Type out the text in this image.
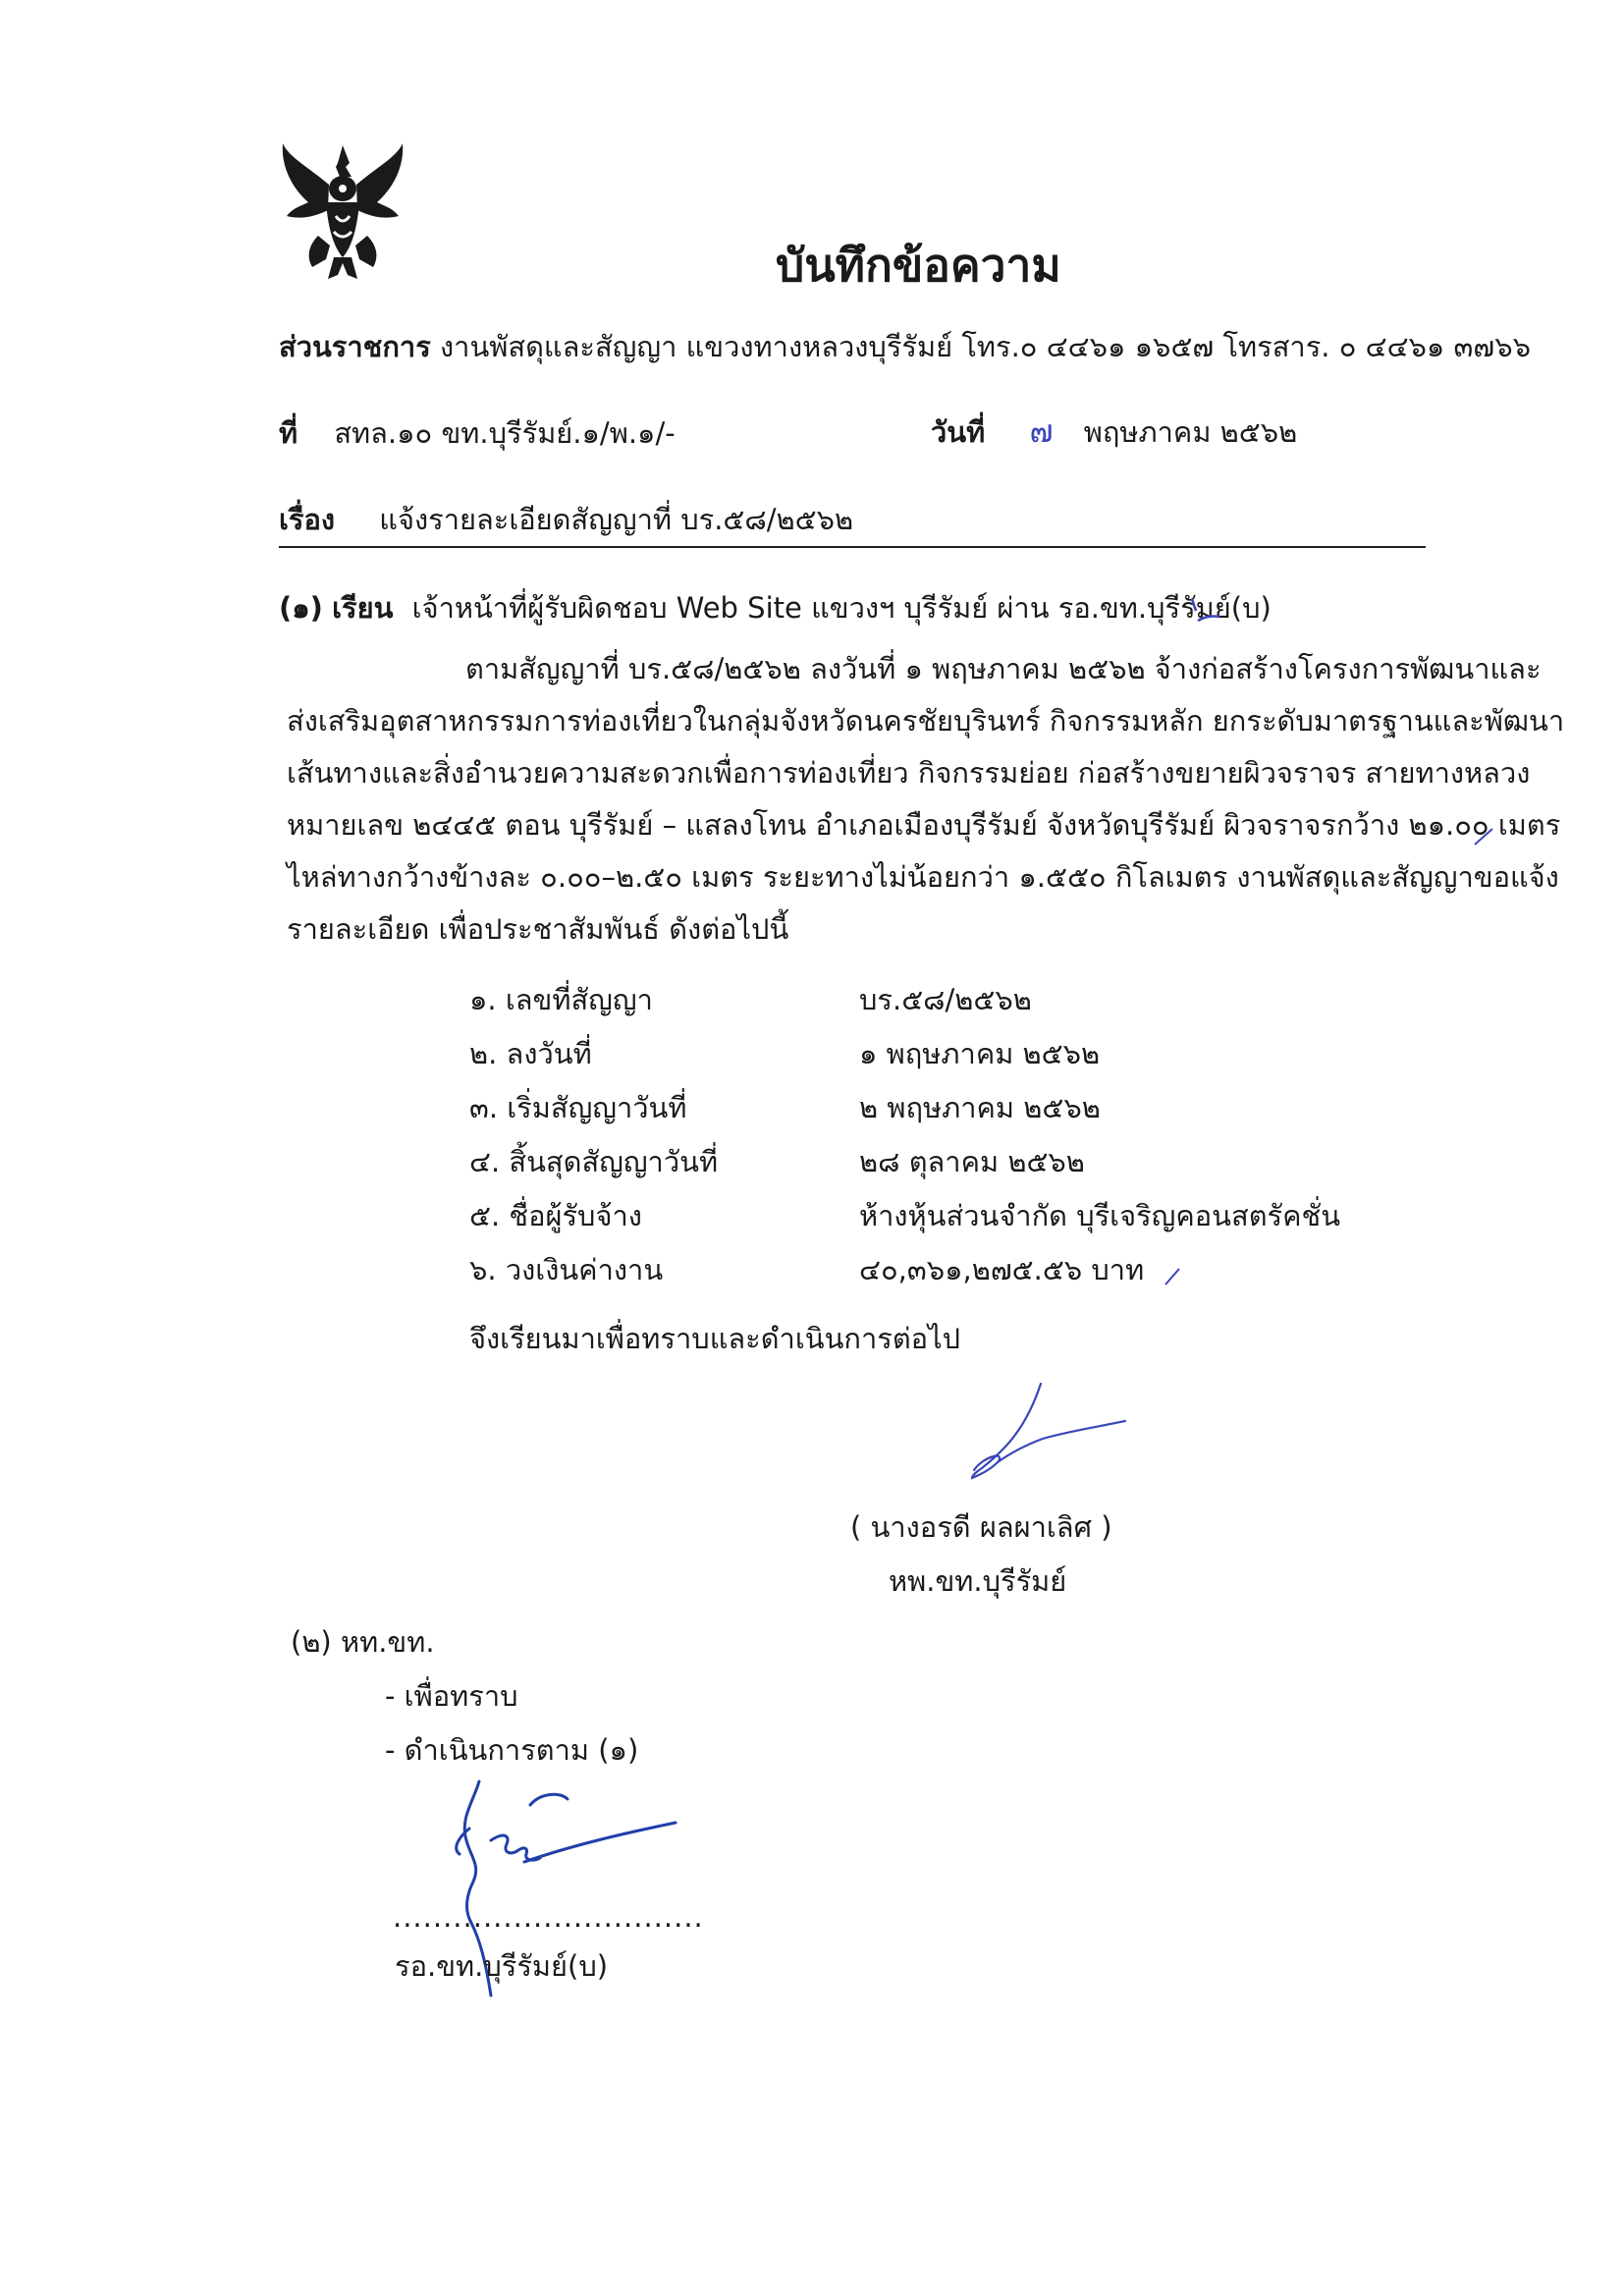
บันทึกข้อความ
ส่วนราชการ งานพัสดุและสัญญา แขวงทางหลวงบุรีรัมย์ โทร.๐ ๔๔๖๑ ๑๖๕๗ โทรสาร. ๐ ๔๔๖๑ ๓๗๖๖
ที่ สทล.๑๐ ขท.บุรีรัมย์.๑/พ.๑/-	วันที่ ๗ พฤษภาคม ๒๕๖๒
เรื่อง แจ้งรายละเอียดสัญญาที่ บร.๕๘/๒๕๖๒
(๑) เรียน เจ้าหน้าที่ผู้รับผิดชอบ Web Site แขวงฯ บุรีรัมย์ ผ่าน รอ.ขท.บุรีรัมย์(บ)
ตามสัญญาที่ บร.๕๘/๒๕๖๒ ลงวันที่ ๑ พฤษภาคม ๒๕๖๒ จ้างก่อสร้างโครงการพัฒนาและ
ส่งเสริมอุตสาหกรรมการท่องเที่ยวในกลุ่มจังหวัดนครชัยบุรินทร์ กิจกรรมหลัก ยกระดับมาตรฐานและพัฒนา
เส้นทางและสิ่งอำนวยความสะดวกเพื่อการท่องเที่ยว กิจกรรมย่อย ก่อสร้างขยายผิวจราจร สายทางหลวง
หมายเลข ๒๔๔๕ ตอน บุรีรัมย์ – แสลงโทน อำเภอเมืองบุรีรัมย์ จังหวัดบุรีรัมย์ ผิวจราจรกว้าง ๒๑.๐๐ เมตร
ไหล่ทางกว้างข้างละ ๐.๐๐–๒.๕๐ เมตร ระยะทางไม่น้อยกว่า ๑.๕๕๐ กิโลเมตร งานพัสดุและสัญญาขอแจ้ง
รายละเอียด เพื่อประชาสัมพันธ์ ดังต่อไปนี้
๑. เลขที่สัญญา	บร.๕๘/๒๕๖๒
๒. ลงวันที่	๑ พฤษภาคม ๒๕๖๒
๓. เริ่มสัญญาวันที่	๒ พฤษภาคม ๒๕๖๒
๔. สิ้นสุดสัญญาวันที่	๒๘ ตุลาคม ๒๕๖๒
๕. ชื่อผู้รับจ้าง	ห้างหุ้นส่วนจำกัด บุรีเจริญคอนสตรัคชั่น
๖. วงเงินค่างาน	๔๐,๓๖๑,๒๗๕.๕๖ บาท
จึงเรียนมาเพื่อทราบและดำเนินการต่อไป
( นางอรดี ผลผาเลิศ )
หพ.ขท.บุรีรัมย์
(๒) หท.ขท.
- เพื่อทราบ
- ดำเนินการตาม (๑)
...............................
รอ.ขท.บุรีรัมย์(บ)
